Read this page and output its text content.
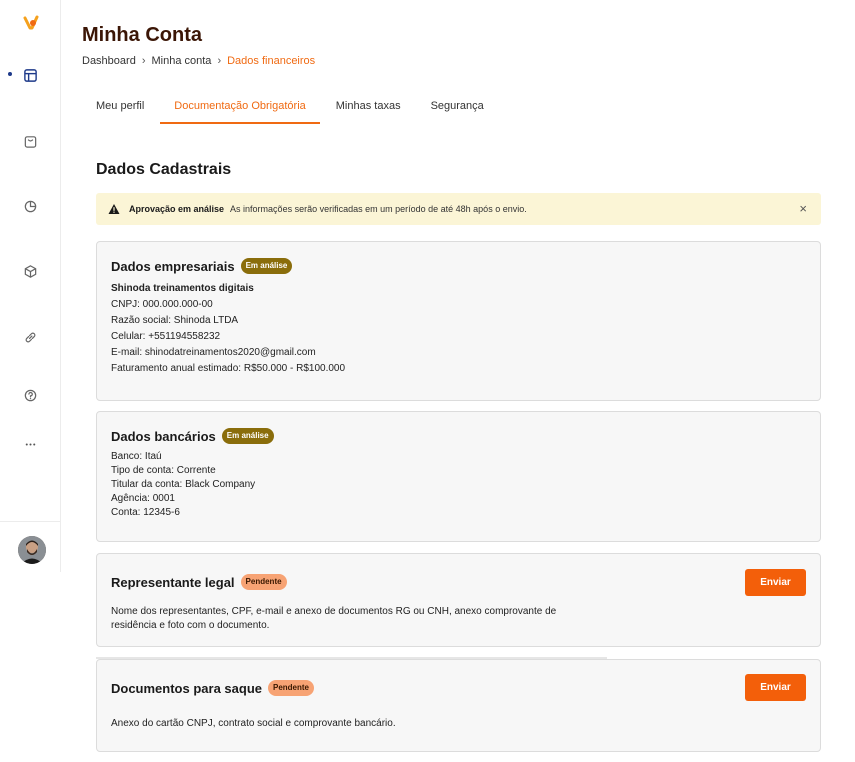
Minha Conta
Dashboard › Minha conta › Dados financeiros
Meu perfil	Documentação Obrigatória	Minhas taxas	Segurança
Dados Cadastrais
Aprovação em análise As informações serão verificadas em um período de até 48h após o envio.	×
Dados empresariais	Em análise
Shinoda treinamentos digitais
CNPJ: 000.000.000-00
Razão social: Shinoda LTDA
Celular: +551194558232
E-mail: shinodatreinamentos2020@gmail.com
Faturamento anual estimado: R$50.000 - R$100.000
Dados bancários	Em análise
Banco: Itaú
Tipo de conta: Corrente
Titular da conta: Black Company
Agência: 0001
Conta: 12345-6
Representante legal	Pendente	Enviar

Nome dos representantes, CPF, e-mail e anexo de documentos RG ou CNH, anexo comprovante de residência e foto com o documento.

Documentos para saque	Pendente	Enviar

Anexo do cartão CNPJ, contrato social e comprovante bancário.
